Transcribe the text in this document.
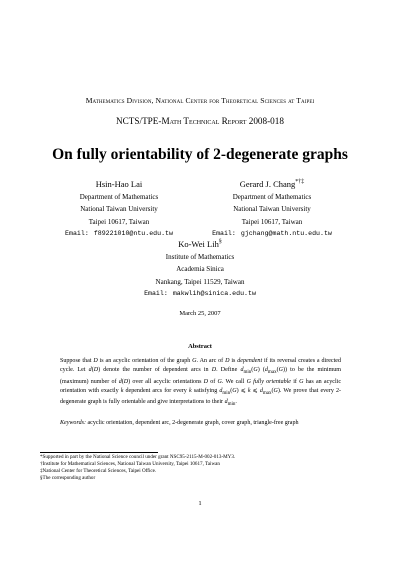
Mathematics Division, National Center for Theoretical Sciences at Taipei
NCTS/TPE-Math Technical Report 2008-018
On fully orientability of 2-degenerate graphs
Hsin-Hao Lai
Department of Mathematics
National Taiwan University
Taipei 10617, Taiwan
Email: f89221010@ntu.edu.tw
Gerard J. Chang*†‡
Department of Mathematics
National Taiwan University
Taipei 10617, Taiwan
Email: gjchang@math.ntu.edu.tw
Ko-Wei Lih§
Institute of Mathematics
Academia Sinica
Nankang, Taipei 11529, Taiwan
Email: makwlih@sinica.edu.tw
March 25, 2007
Abstract
Suppose that D is an acyclic orientation of the graph G. An arc of D is dependent if its reversal creates a directed cycle. Let d(D) denote the number of dependent arcs in D. Define $d_{min}(G)$ $(d_{max}(G))$ to be the minimum (maximum) number of d(D) over all acyclic orientations D of G. We call G fully orientable if G has an acyclic orientation with exactly k dependent arcs for every k satisfying $d_{min}(G)$ ⩽ k ⩽ $d_{max}(G)$. We prove that every 2-degenerate graph is fully orientable and give interpretations to their $d_{min}$.
Keywords: acyclic orientation, dependent arc, 2-degenerate graph, cover graph, triangle-free graph
*Supported in part by the National Science council under grant NSC95-2115-M-002-013-MY3.
†Institute for Mathematical Sciences, National Taiwan University, Taipei 10617, Taiwan
‡National Center for Theoretical Sciences, Taipei Office.
§The corresponding author
1
